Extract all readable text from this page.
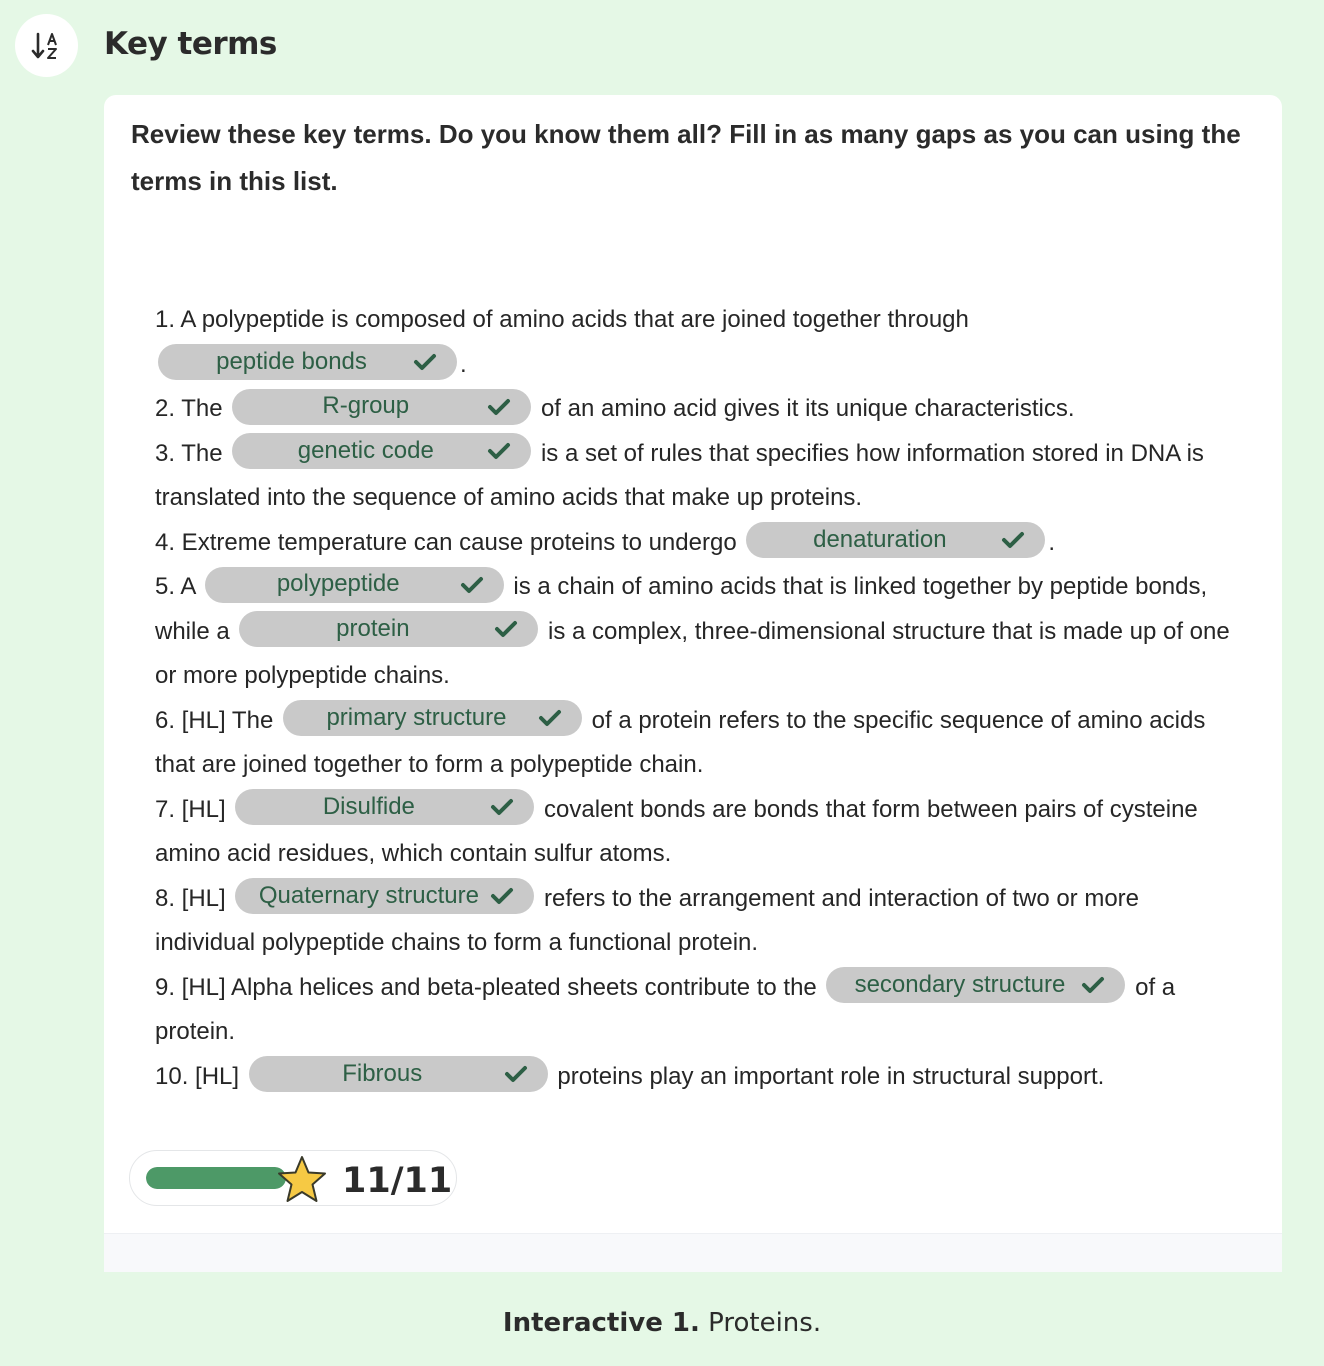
Key terms
Review these key terms. Do you know them all? Fill in as many gaps as you can using the terms in this list.
1. A polypeptide is composed of amino acids that are joined together through
peptide bonds	.
2. The	R-group	of an amino acid gives it its unique characteristics.
3. The	genetic code	is a set of rules that specifies how information stored in DNA is translated into the sequence of amino acids that make up proteins.
4. Extreme temperature can cause proteins to undergo	denaturation	.
5. A	polypeptide	is a chain of amino acids that is linked together by peptide bonds, while a	protein	is a complex, three-dimensional structure that is made up of one or more polypeptide chains.
6. [HL] The primary structure	of a protein refers to the specific sequence of amino acids that are joined together to form a polypeptide chain.
7. [HL]	Disulfide	covalent bonds are bonds that form between pairs of cysteine amino acid residues, which contain sulfur atoms.
8. [HL] Quaternary structure refers to the arrangement and interaction of two or more individual polypeptide chains to form a functional protein.
9. [HL] Alpha helices and beta-pleated sheets contribute to the secondary structure	of a protein.
10. [HL]	Fibrous	proteins play an important role in structural support.
11/11
Interactive 1. Proteins.
